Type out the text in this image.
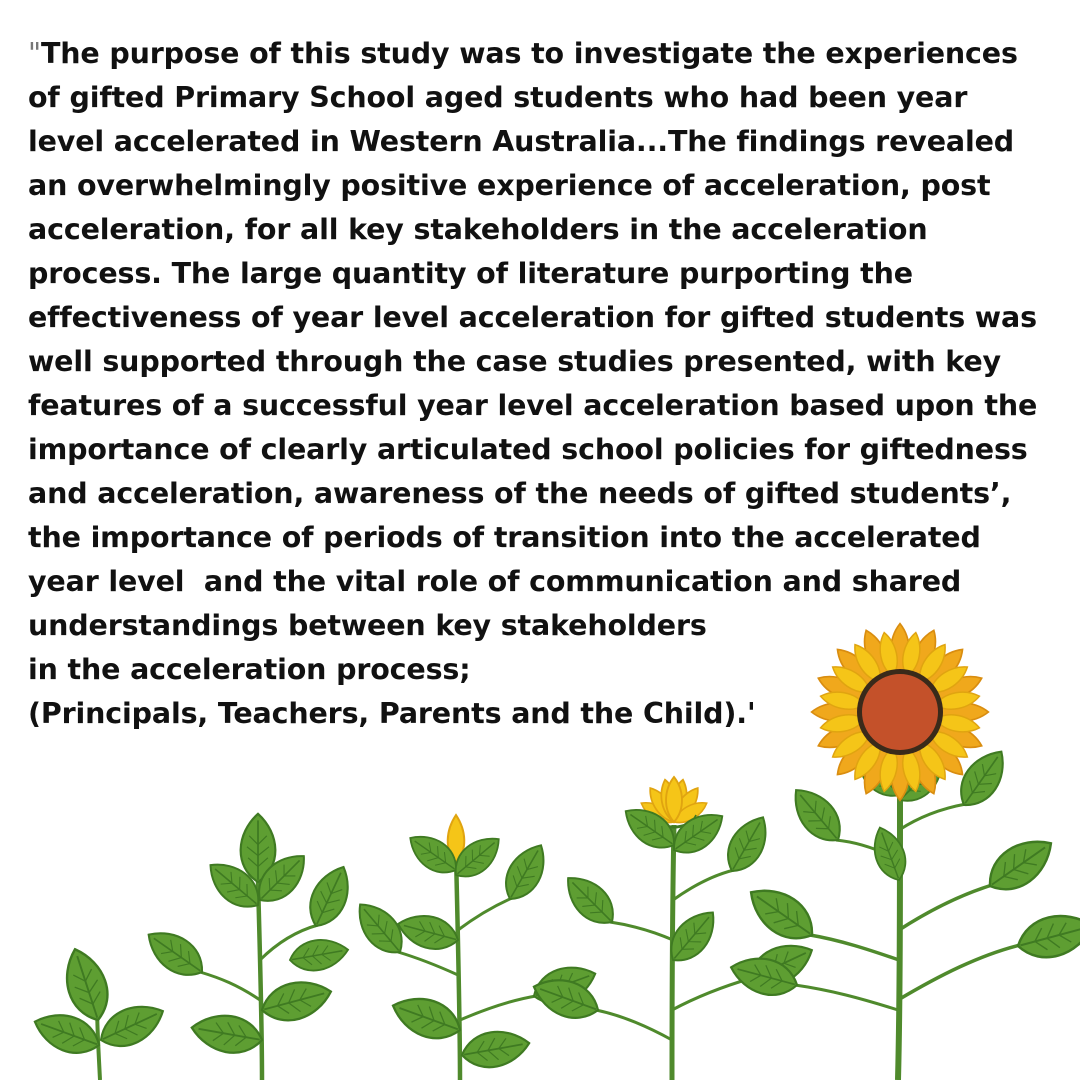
"The purpose of this study was to investigate the experiences
of gifted Primary School aged students who had been year
level accelerated in Western Australia...The findings revealed
an overwhelmingly positive experience of acceleration, post
acceleration, for all key stakeholders in the acceleration
process. The large quantity of literature purporting the
effectiveness of year level acceleration for gifted students was
well supported through the case studies presented, with key
features of a successful year level acceleration based upon the
importance of clearly articulated school policies for giftedness
and acceleration, awareness of the needs of gifted students’,
the importance of periods of transition into the accelerated
year level  and the vital role of communication and shared
understandings between key stakeholders
in the acceleration process;
(Principals, Teachers, Parents and the Child).'
